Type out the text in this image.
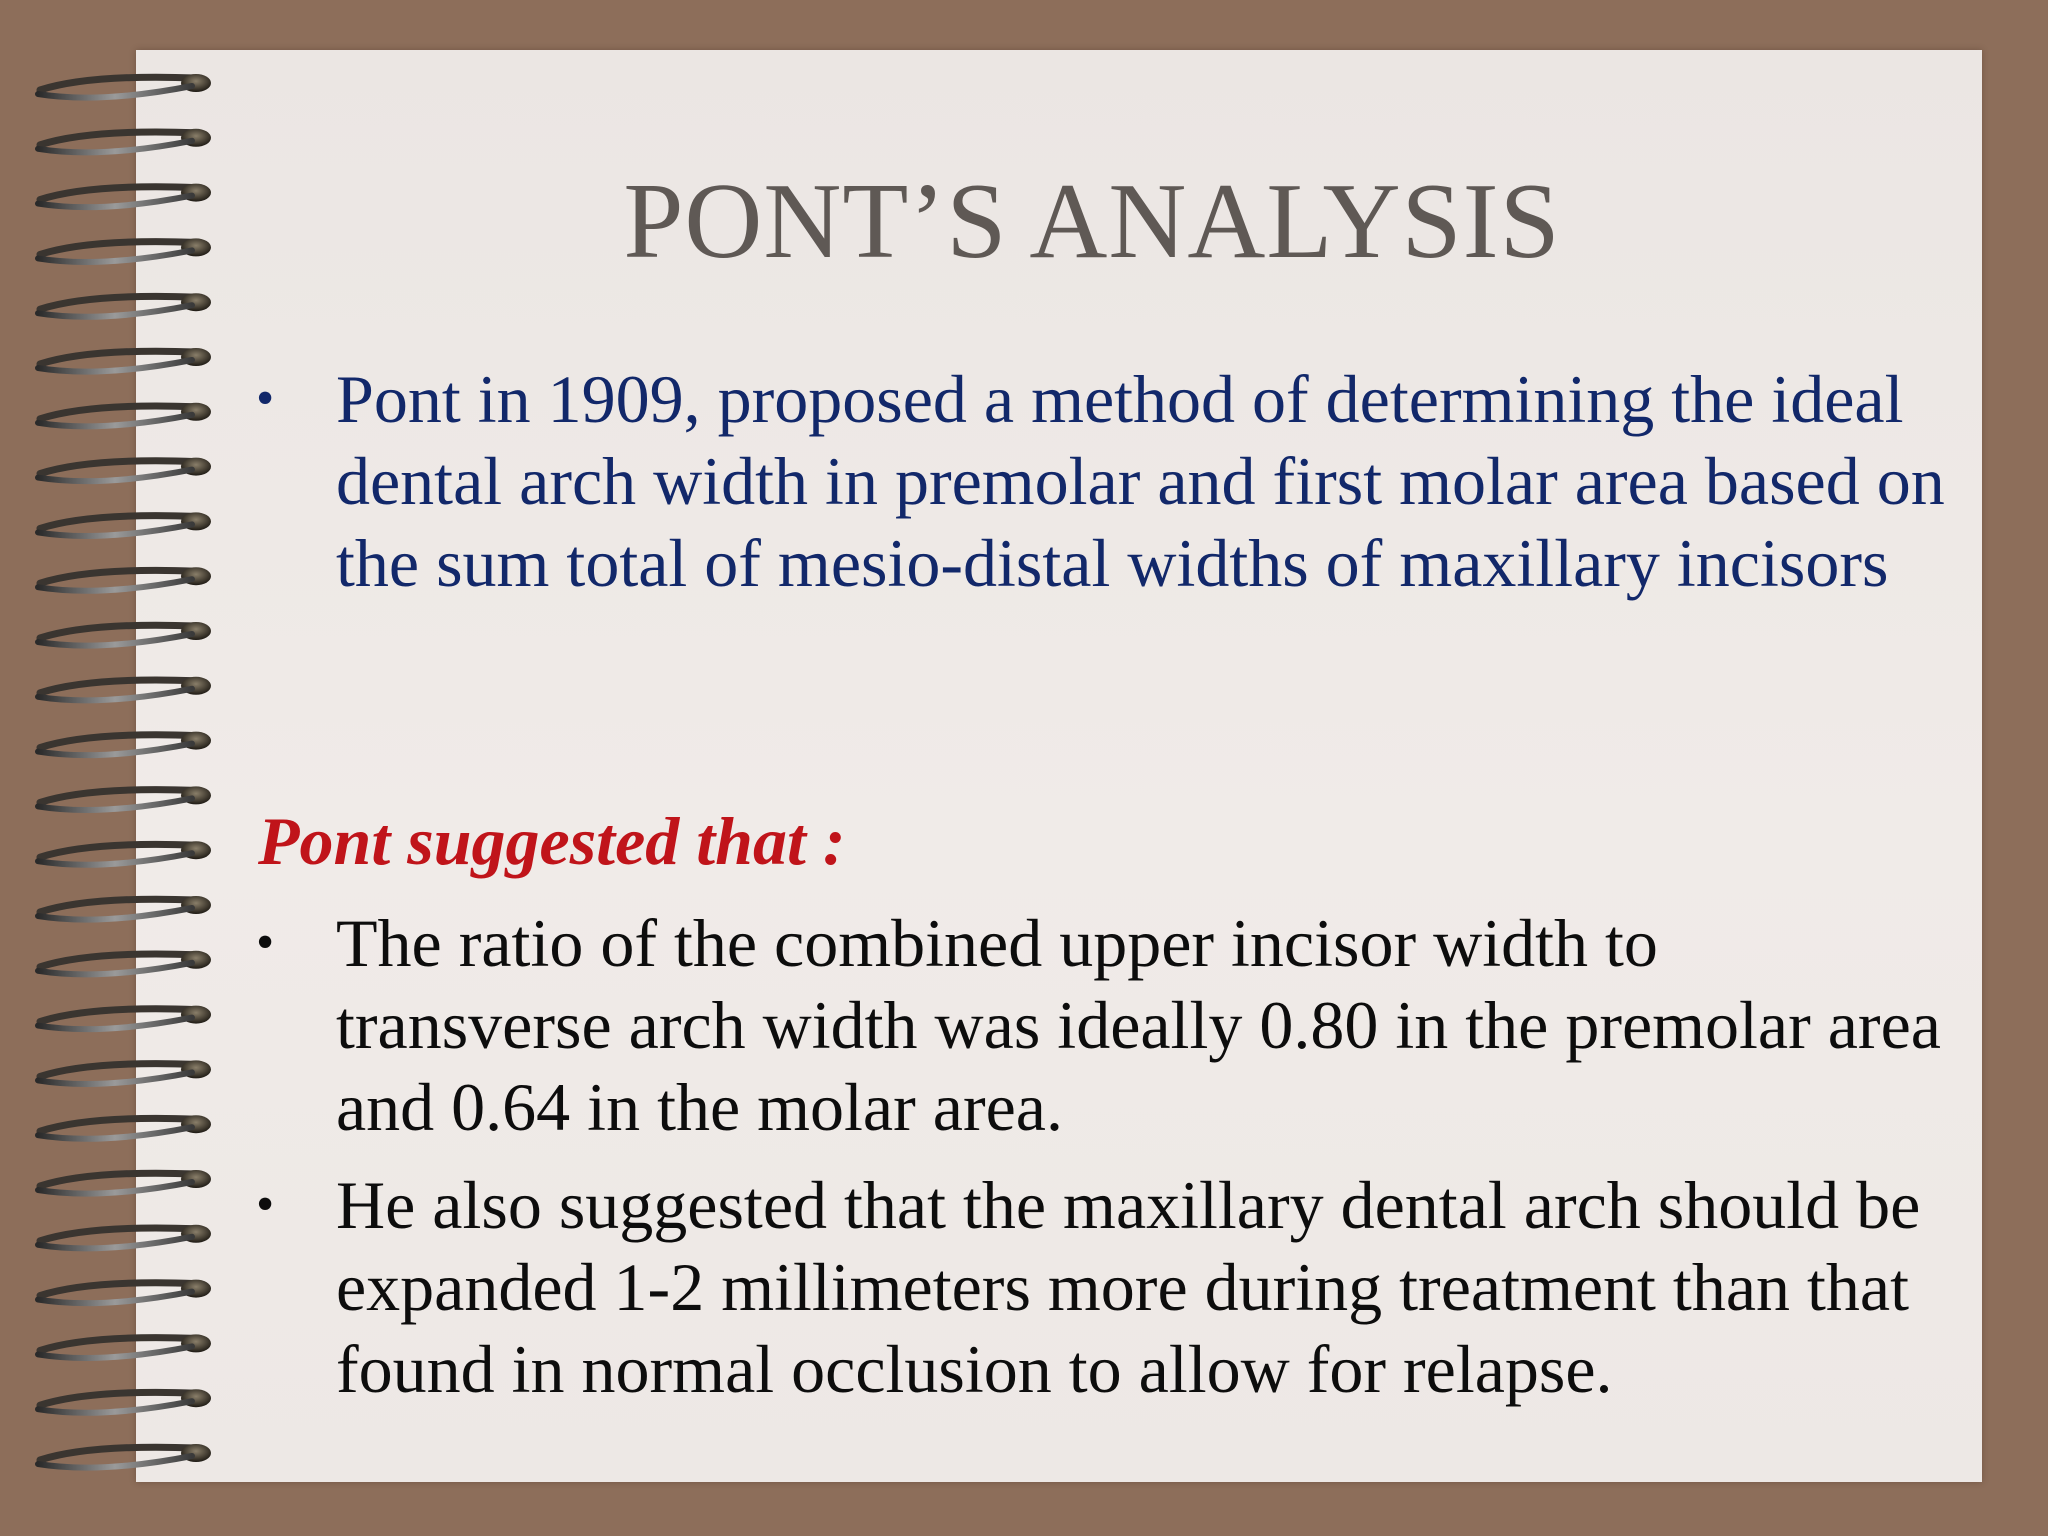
PONT’S ANALYSIS
• Pont in 1909, proposed a method of determining the ideal dental arch width in premolar and first molar area based on the sum total of mesio-distal widths of maxillary incisors
Pont suggested that :
• The ratio of the combined upper incisor width to transverse arch width was ideally 0.80 in the premolar area and 0.64 in the molar area.
• He also suggested that the maxillary dental arch should be expanded 1-2 millimeters more during treatment than that found in normal occlusion to allow for relapse.
